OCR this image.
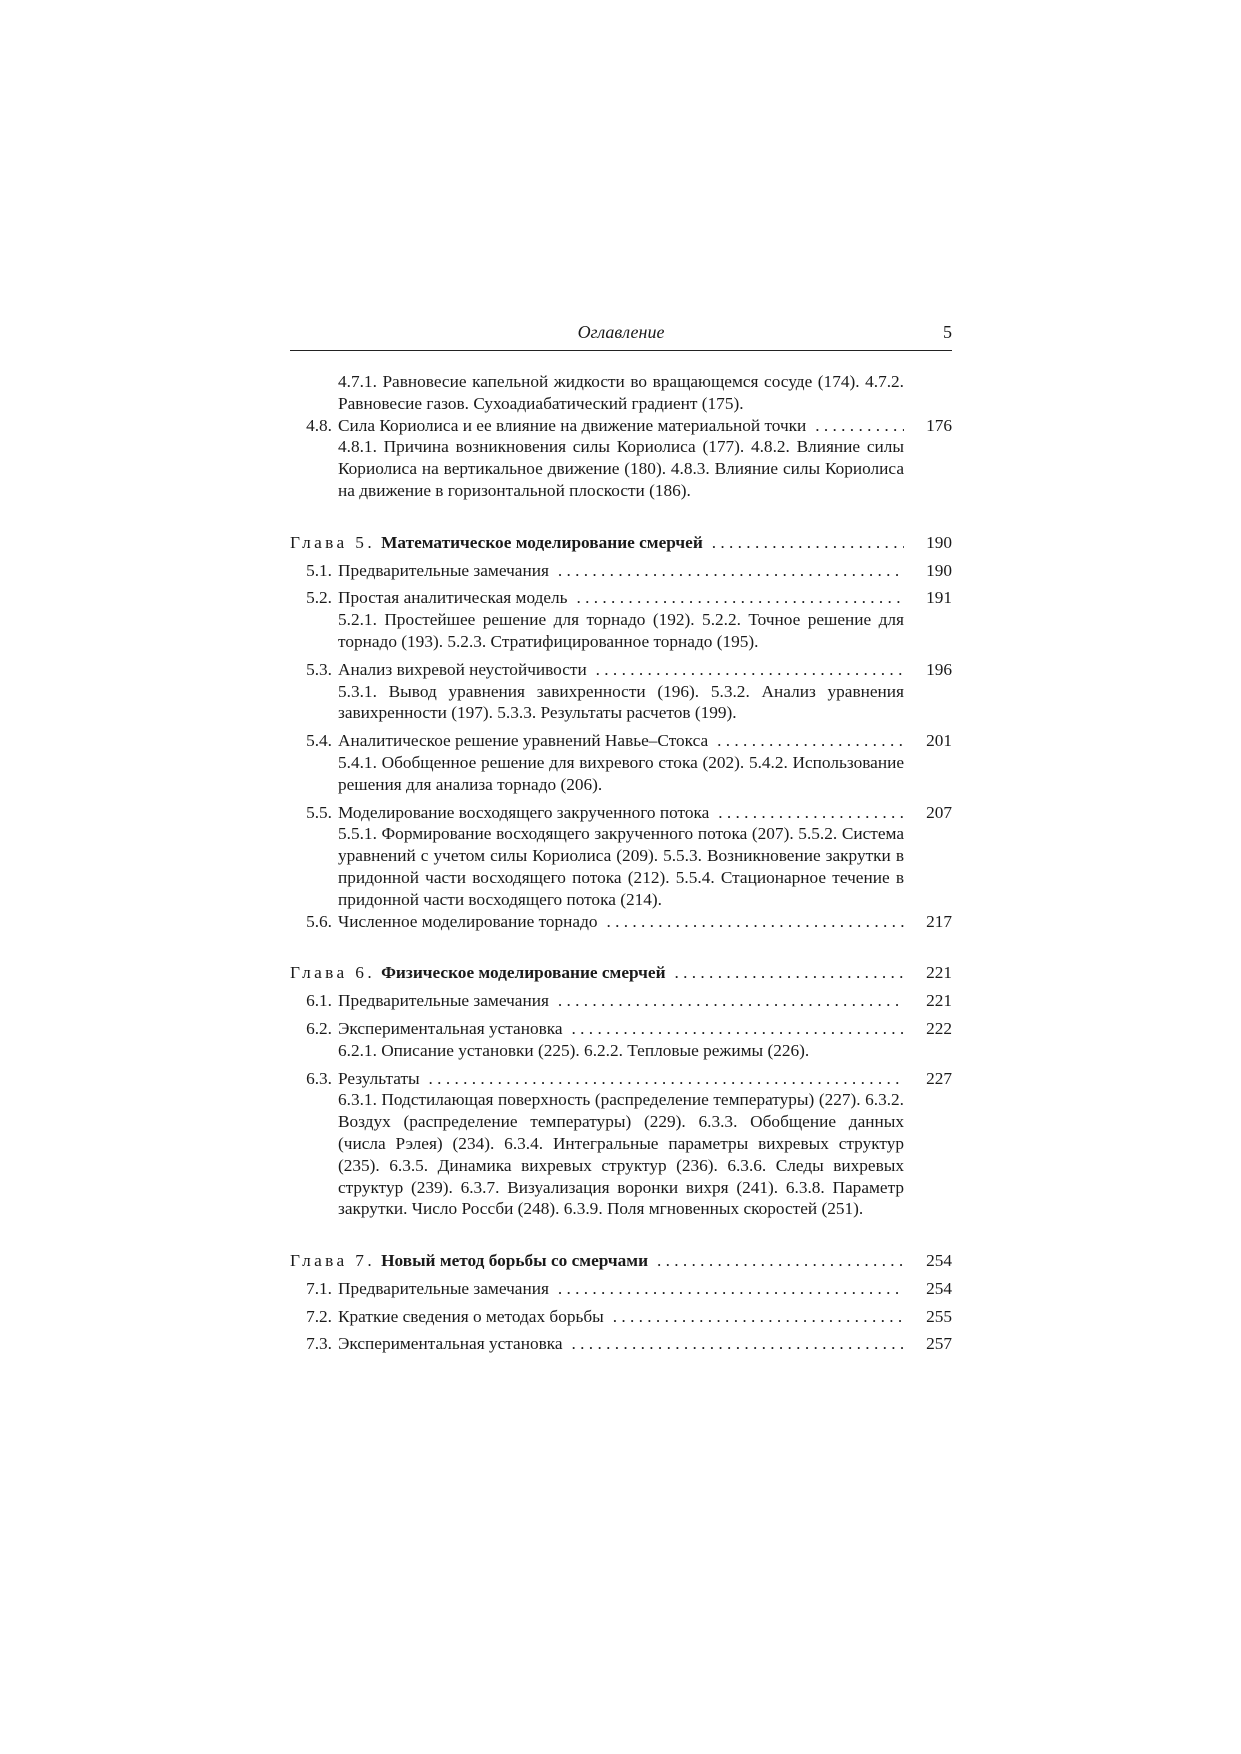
Оглавление	5
4.7.1. Равновесие капельной жидкости во вращающемся сосуде (174). 4.7.2. Равновесие газов. Сухоадиабатический градиент (175).
4.8. Сила Кориолиса и ее влияние на движение материальной точки . . .	176
4.8.1. Причина возникновения силы Кориолиса (177). 4.8.2. Влияние силы Кориолиса на вертикальное движение (180). 4.8.3. Влияние силы Кориолиса на движение в горизонтальной плоскости (186).
Глава 5. Математическое моделирование смерчей . . .	190
5.1. Предварительные замечания . . .	190
5.2. Простая аналитическая модель . . .	191
5.2.1. Простейшее решение для торнадо (192). 5.2.2. Точное решение для торнадо (193). 5.2.3. Стратифицированное торнадо (195).
5.3. Анализ вихревой неустойчивости . . .	196
5.3.1. Вывод уравнения завихренности (196). 5.3.2. Анализ уравнения завихренности (197). 5.3.3. Результаты расчетов (199).
5.4. Аналитическое решение уравнений Навье–Стокса . . .	201
5.4.1. Обобщенное решение для вихревого стока (202). 5.4.2. Использование решения для анализа торнадо (206).
5.5. Моделирование восходящего закрученного потока . . .	207
5.5.1. Формирование восходящего закрученного потока (207). 5.5.2. Система уравнений с учетом силы Кориолиса (209). 5.5.3. Возникновение закрутки в придонной части восходящего потока (212). 5.5.4. Стационарное течение в придонной части восходящего потока (214).
5.6. Численное моделирование торнадо . . .	217
Глава 6. Физическое моделирование смерчей . . .	221
6.1. Предварительные замечания . . .	221
6.2. Экспериментальная установка . . .	222
6.2.1. Описание установки (225). 6.2.2. Тепловые режимы (226).
6.3. Результаты . . .	227
6.3.1. Подстилающая поверхность (распределение температуры) (227). 6.3.2. Воздух (распределение температуры) (229). 6.3.3. Обобщение данных (числа Рэлея) (234). 6.3.4. Интегральные параметры вихревых структур (235). 6.3.5. Динамика вихревых структур (236). 6.3.6. Следы вихревых структур (239). 6.3.7. Визуализация воронки вихря (241). 6.3.8. Параметр закрутки. Число Россби (248). 6.3.9. Поля мгновенных скоростей (251).
Глава 7. Новый метод борьбы со смерчами . . .	254
7.1. Предварительные замечания . . .	254
7.2. Краткие сведения о методах борьбы . . .	255
7.3. Экспериментальная установка . . .	257
